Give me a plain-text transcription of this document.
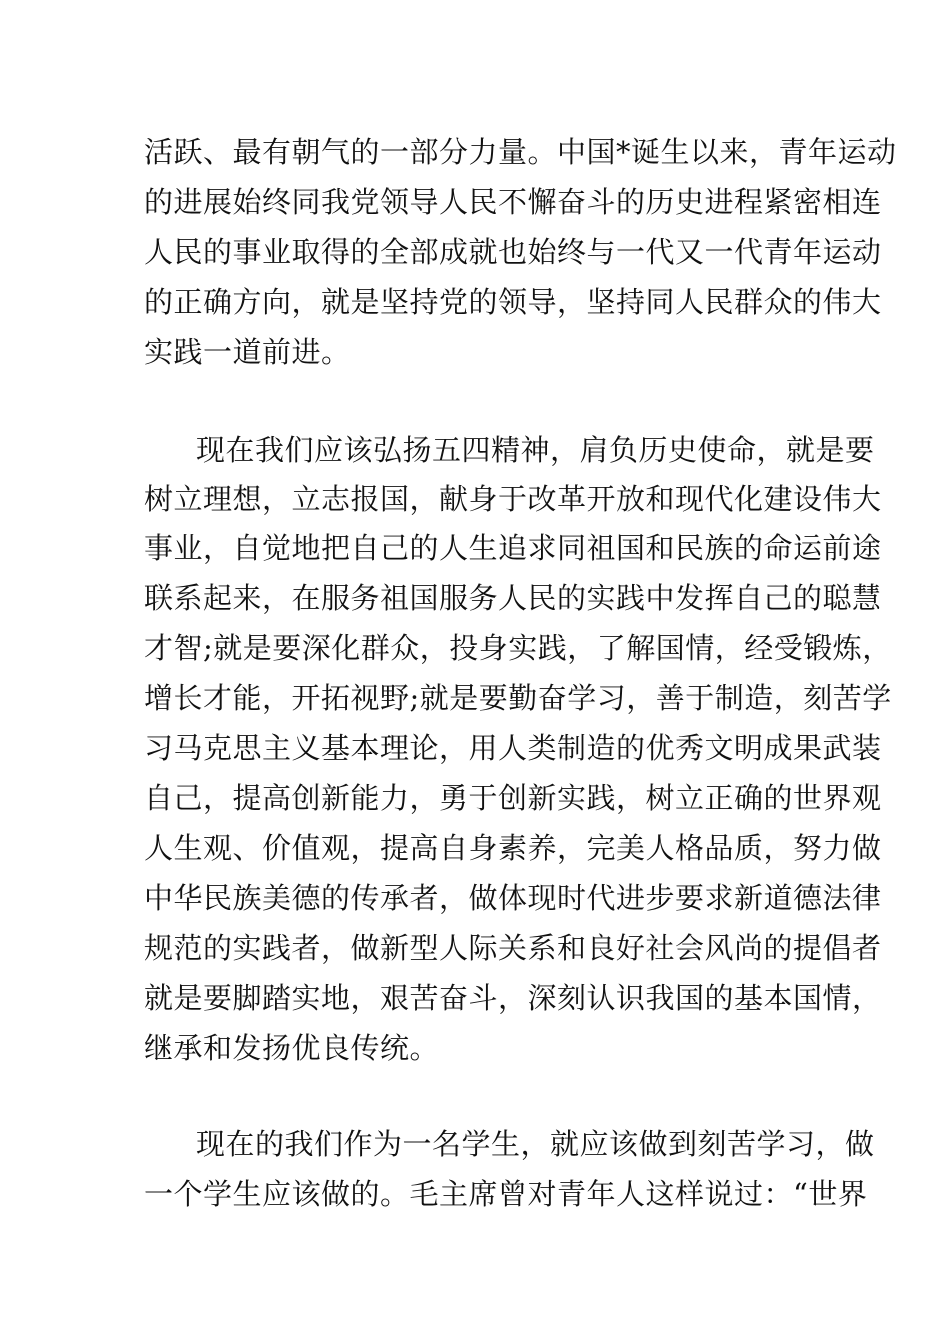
活跃、最有朝气的一部分力量。中国*诞生以来，青年运动
的进展始终同我党领导人民不懈奋斗的历史进程紧密相连
人民的事业取得的全部成就也始终与一代又一代青年运动
的正确方向，就是坚持党的领导，坚持同人民群众的伟大
实践一道前进。
现在我们应该弘扬五四精神，肩负历史使命，就是要
树立理想，立志报国，献身于改革开放和现代化建设伟大
事业，自觉地把自己的人生追求同祖国和民族的命运前途
联系起来，在服务祖国服务人民的实践中发挥自己的聪慧
才智;就是要深化群众，投身实践，了解国情，经受锻炼，
增长才能，开拓视野;就是要勤奋学习，善于制造，刻苦学
习马克思主义基本理论，用人类制造的优秀文明成果武装
自己，提高创新能力，勇于创新实践，树立正确的世界观
人生观、价值观，提高自身素养，完美人格品质，努力做
中华民族美德的传承者，做体现时代进步要求新道德法律
规范的实践者，做新型人际关系和良好社会风尚的提倡者
就是要脚踏实地，艰苦奋斗，深刻认识我国的基本国情，
继承和发扬优良传统。
现在的我们作为一名学生，就应该做到刻苦学习，做
一个学生应该做的。毛主席曾对青年人这样说过：“世界
